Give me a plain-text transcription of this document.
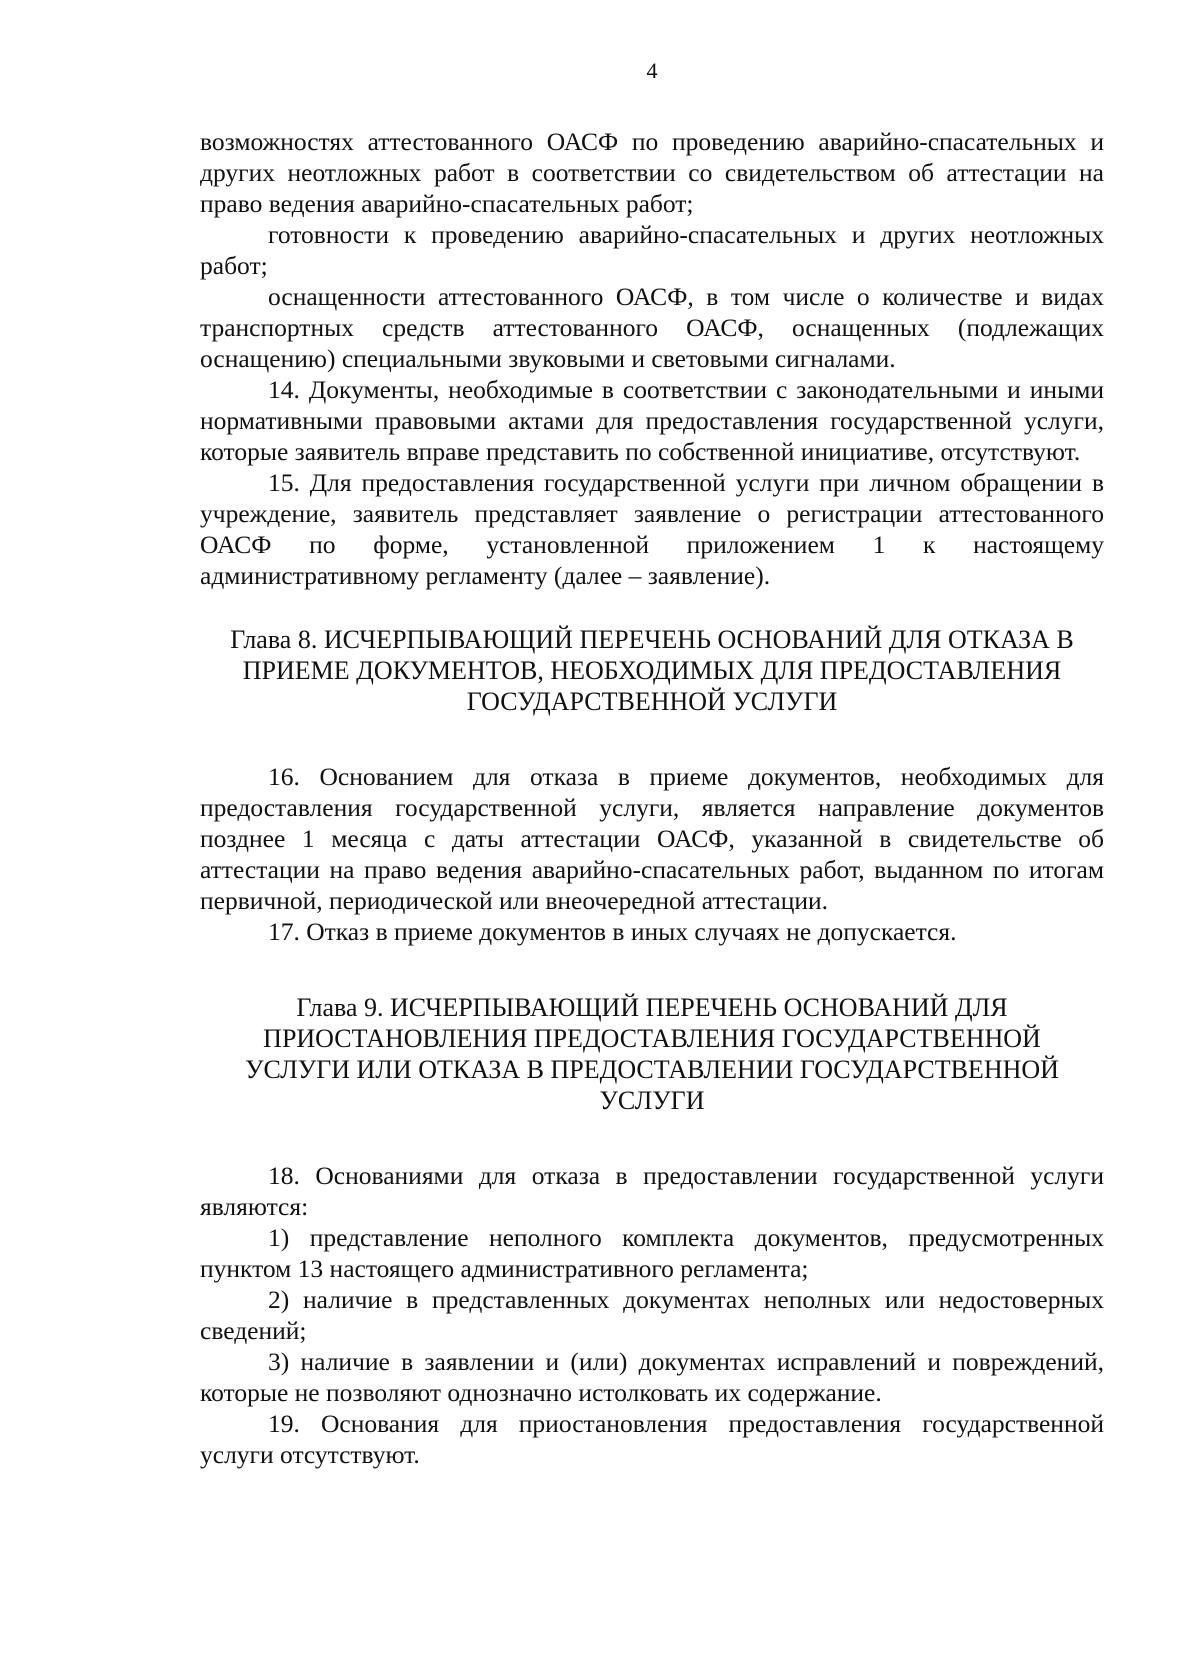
4

возможностях аттестованного ОАСФ по проведению аварийно-спасательных и других неотложных работ в соответствии со свидетельством об аттестации на право ведения аварийно-спасательных работ;

готовности к проведению аварийно-спасательных и других неотложных работ;

оснащенности аттестованного ОАСФ, в том числе о количестве и видах транспортных средств аттестованного ОАСФ, оснащенных (подлежащих оснащению) специальными звуковыми и световыми сигналами.

14. Документы, необходимые в соответствии с законодательными и иными нормативными правовыми актами для предоставления государственной услуги, которые заявитель вправе представить по собственной инициативе, отсутствуют.

15. Для предоставления государственной услуги при личном обращении в учреждение, заявитель представляет заявление о регистрации аттестованного ОАСФ по форме, установленной приложением 1 к настоящему административному регламенту (далее – заявление).

Глава 8. ИСЧЕРПЫВАЮЩИЙ ПЕРЕЧЕНЬ ОСНОВАНИЙ ДЛЯ ОТКАЗА В ПРИЕМЕ ДОКУМЕНТОВ, НЕОБХОДИМЫХ ДЛЯ ПРЕДОСТАВЛЕНИЯ ГОСУДАРСТВЕННОЙ УСЛУГИ

16. Основанием для отказа в приеме документов, необходимых для предоставления государственной услуги, является направление документов позднее 1 месяца с даты аттестации ОАСФ, указанной в свидетельстве об аттестации на право ведения аварийно-спасательных работ, выданном по итогам первичной, периодической или внеочередной аттестации.

17. Отказ в приеме документов в иных случаях не допускается.

Глава 9. ИСЧЕРПЫВАЮЩИЙ ПЕРЕЧЕНЬ ОСНОВАНИЙ ДЛЯ ПРИОСТАНОВЛЕНИЯ ПРЕДОСТАВЛЕНИЯ ГОСУДАРСТВЕННОЙ УСЛУГИ ИЛИ ОТКАЗА В ПРЕДОСТАВЛЕНИИ ГОСУДАРСТВЕННОЙ УСЛУГИ

18. Основаниями для отказа в предоставлении государственной услуги являются:

1) представление неполного комплекта документов, предусмотренных пунктом 13 настоящего административного регламента;

2) наличие в представленных документах неполных или недостоверных сведений;

3) наличие в заявлении и (или) документах исправлений и повреждений, которые не позволяют однозначно истолковать их содержание.

19. Основания для приостановления предоставления государственной услуги отсутствуют.
